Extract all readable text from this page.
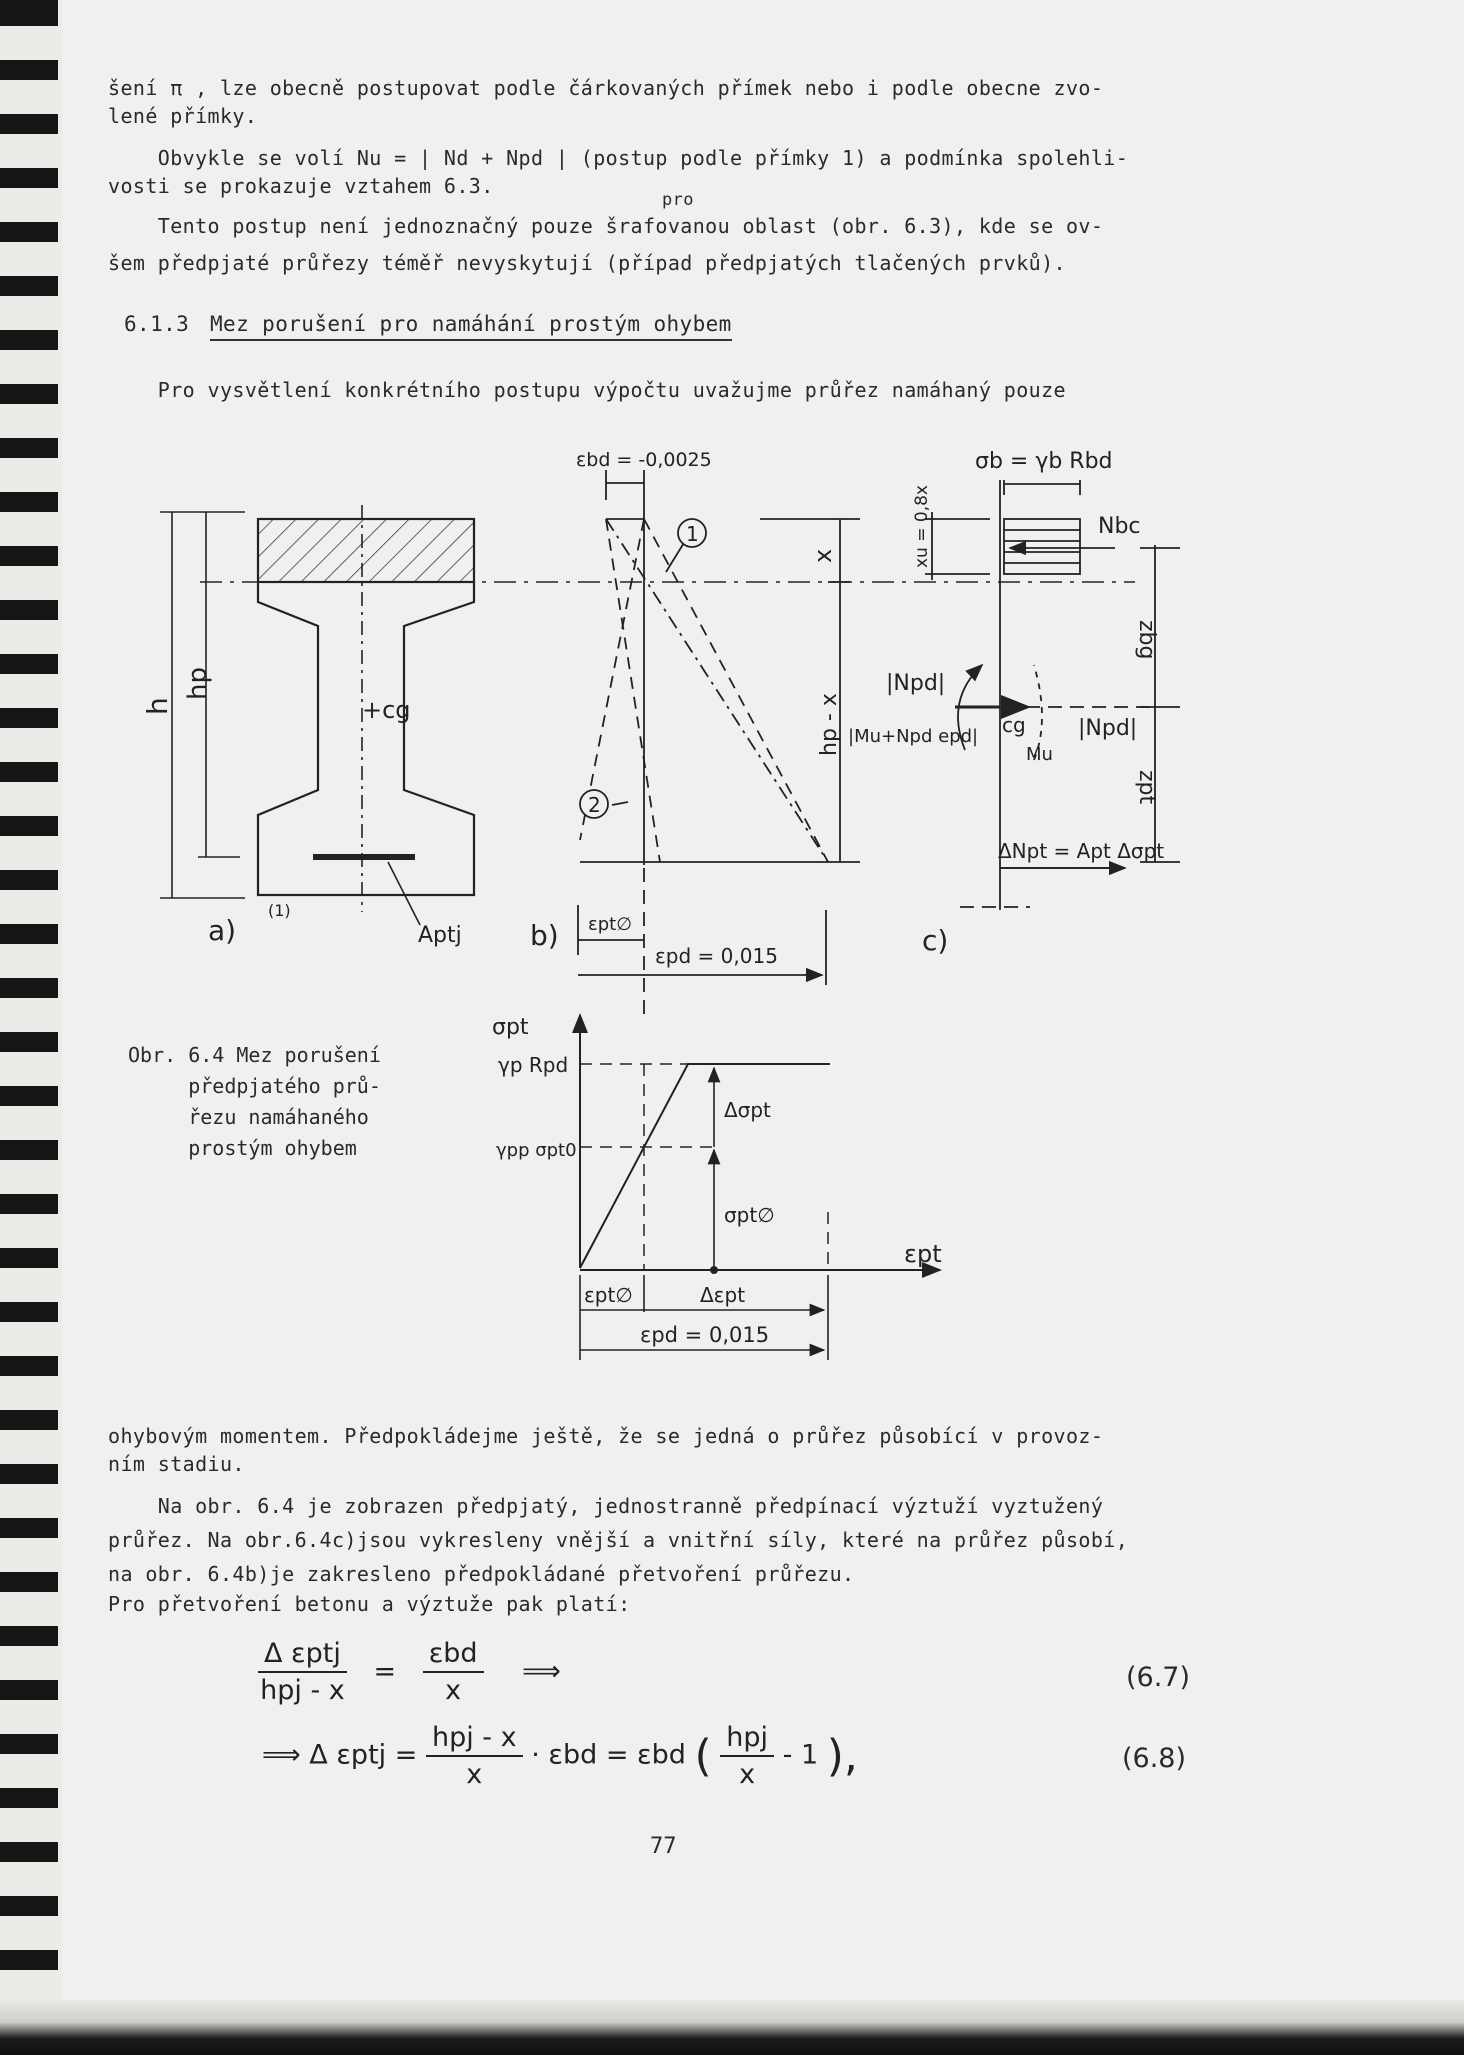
šení π , lze obecně postupovat podle čárkovaných přímek nebo i podle obecne zvo-
lené přímky.
Obvykle se volí Nu = | Nd + Npd | (postup podle přímky 1) a podmínka spolehli-
vosti se prokazuje vztahem 6.3.
pro
Tento postup není jednoznačný pouze šrafovanou oblast (obr. 6.3), kde se ov-
šem předpjaté průřezy téměř nevyskytují (případ předpjatých tlačených prvků).
6.1.3 Mez porušení pro namáhání prostým ohybem
Pro vysvětlení konkrétního postupu výpočtu uvažujme průřez namáhaný pouze
h
hp
+cg
a)
(1)
Aptj
1
2
εbd = -0,0025
x
hp - x
b) εpt∅
εpd = 0,015
σb = γb Rbd
Nbc
xu = 0,8x
zbg
zpt
|Npd|
|Mu+Npd epd| cg
Mu
|Npd|
ΔNpt = Apt Δσpt
c)
σpt
γp Rpd
γpp σpt0
Δσpt
σpt∅
εpt
εpt∅	Δεpt
εpd = 0,015
Obr. 6.4 Mez porušení
předpjatého prů-
řezu namáhaného
prostým ohybem
ohybovým momentem. Předpokládejme ještě, že se jedná o průřez působící v provoz-
ním stadiu.
Na obr. 6.4 je zobrazen předpjatý, jednostranně předpínací výztuží vyztužený
průřez. Na obr.6.4c)jsou vykresleny vnější a vnitřní síly, které na průřez působí,
na obr. 6.4b)je zakresleno předpokládané přetvoření průřezu.
Pro přetvoření betonu a výztuže pak platí:
$\frac{\text{Δ εptj}}{\text{hpj - x}} = \frac{\text{εbd}}{x}$ ⟹	(6.7)
⟹ Δ $\varepsilon ptj = \frac{\text{hpj - x}}{x} \cdot \varepsilon bd = \varepsilon bd$ ( $\frac{\text{hpj}}{x} - 1$ ),	(6.8)
77
